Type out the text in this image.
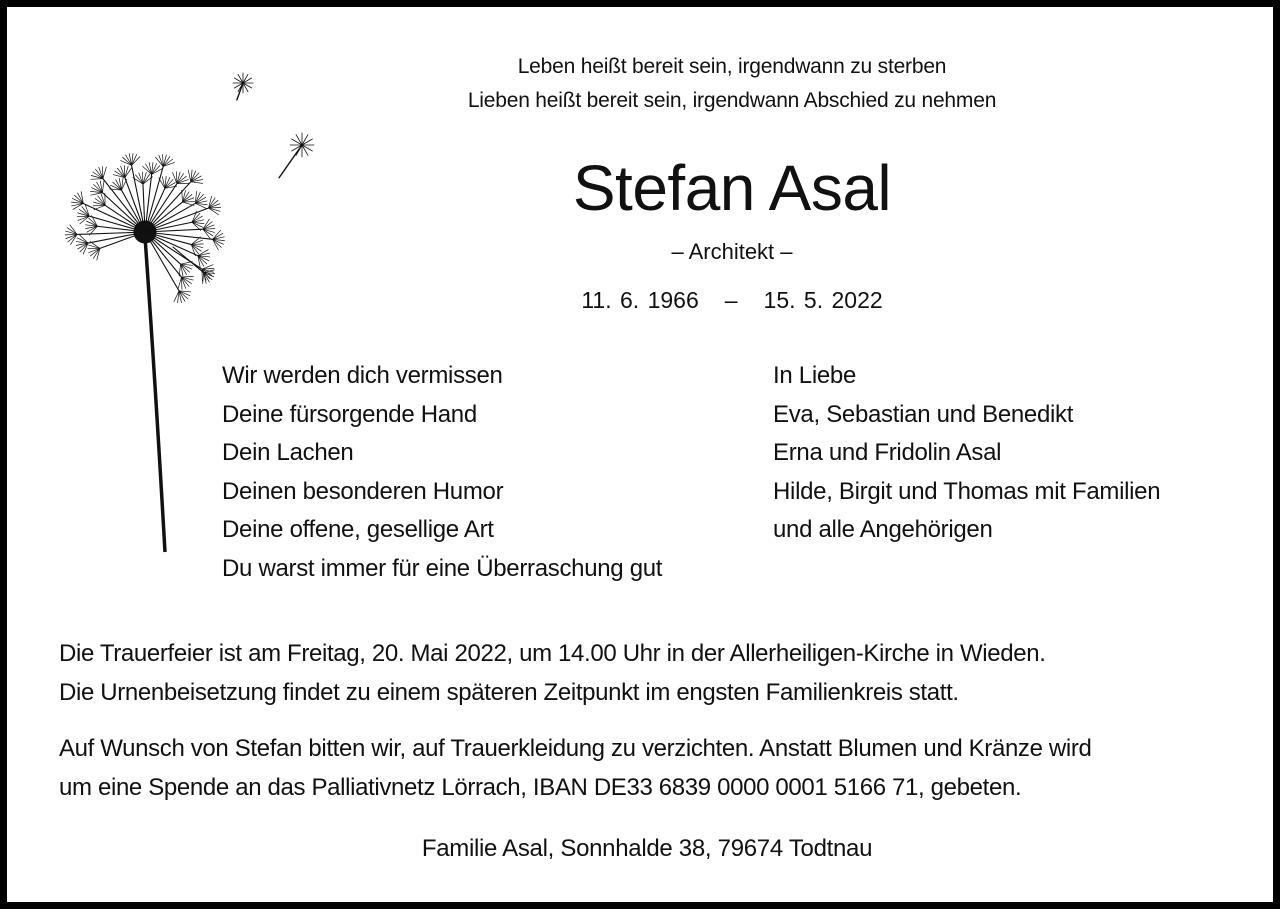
Leben heißt bereit sein, irgendwann zu sterben
Lieben heißt bereit sein, irgendwann Abschied zu nehmen
Stefan Asal
– Architekt –
11. 6. 1966 – 15. 5. 2022
Wir werden dich vermissen
Deine fürsorgende Hand
Dein Lachen
Deinen besonderen Humor
Deine offene, gesellige Art
Du warst immer für eine Überraschung gut
In Liebe
Eva, Sebastian und Benedikt
Erna und Fridolin Asal
Hilde, Birgit und Thomas mit Familien
und alle Angehörigen

Die Trauerfeier ist am Freitag, 20. Mai 2022, um 14.00 Uhr in der Allerheiligen-Kirche in Wieden.

Die Urnenbeisetzung findet zu einem späteren Zeitpunkt im engsten Familienkreis statt.

Auf Wunsch von Stefan bitten wir, auf Trauerkleidung zu verzichten. Anstatt Blumen und Kränze wird

um eine Spende an das Palliativnetz Lörrach, IBAN DE33 6839 0000 0001 5166 71, gebeten.

Familie Asal, Sonnhalde 38, 79674 Todtnau
